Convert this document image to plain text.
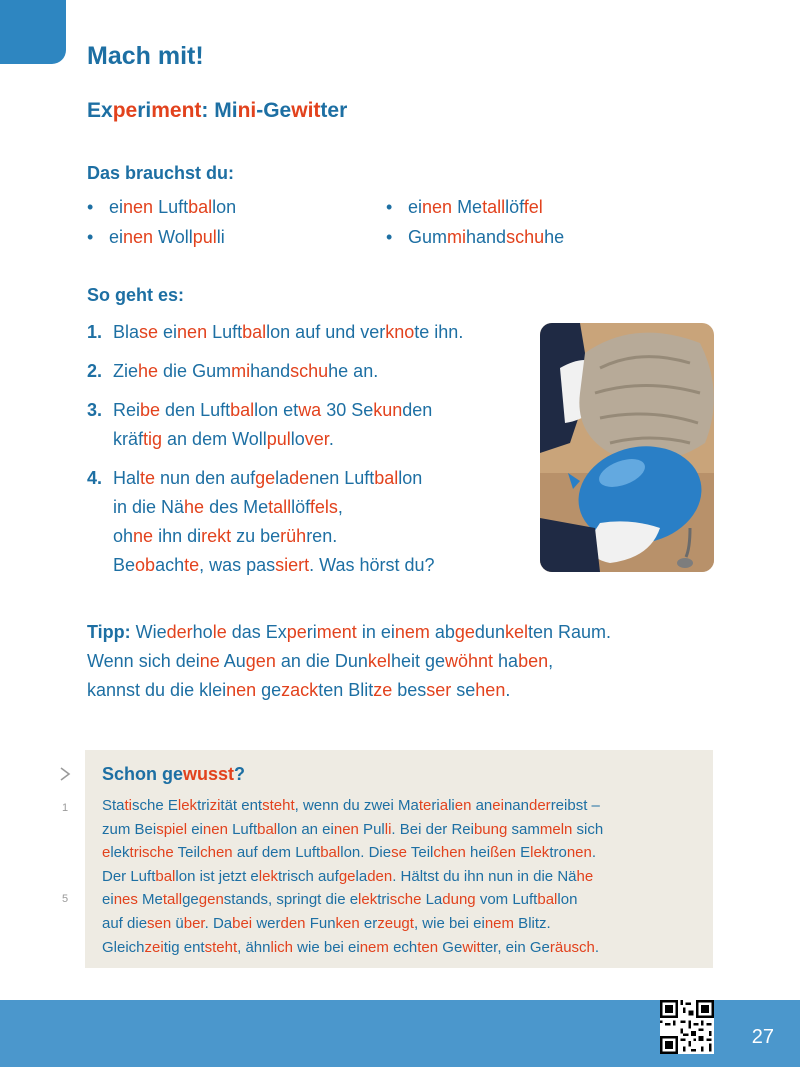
Mach mit!
Experiment: Mini-Gewitter

Das brauchst du:

• einen Luftballon
• einen Wollpulli
• einen Metalllöffel
• Gummihandschuhe

So geht es:

1. Blase einen Luftballon auf und verknote ihn.
2. Ziehe die Gummihandschuhe an.
3. Reibe den Luftballon etwa 30 Sekunden
kräftig an dem Wollpullover.
4. Halte nun den aufgeladenen Luftballon
in die Nähe des Metalllöffels,
ohne ihn direkt zu berühren.
Beobachte, was passiert. Was hörst du?

Tipp: Wiederhole das Experiment in einem abgedunkelten Raum.
Wenn sich deine Augen an die Dunkelheit gewöhnt haben,
kannst du die kleinen gezackten Blitze besser sehen.

1
5

Schon gewusst?

Statische Elektrizität entsteht, wenn du zwei Materialien aneinanderreibst –
zum Beispiel einen Luftballon an einen Pulli. Bei der Reibung sammeln sich
elektrische Teilchen auf dem Luftballon. Diese Teilchen heißen Elektronen.
Der Luftballon ist jetzt elektrisch aufgeladen. Hältst du ihn nun in die Nähe
eines Metallgegenstands, springt die elektrische Ladung vom Luftballon
auf diesen über. Dabei werden Funken erzeugt, wie bei einem Blitz.
Gleichzeitig entsteht, ähnlich wie bei einem echten Gewitter, ein Geräusch.

27
